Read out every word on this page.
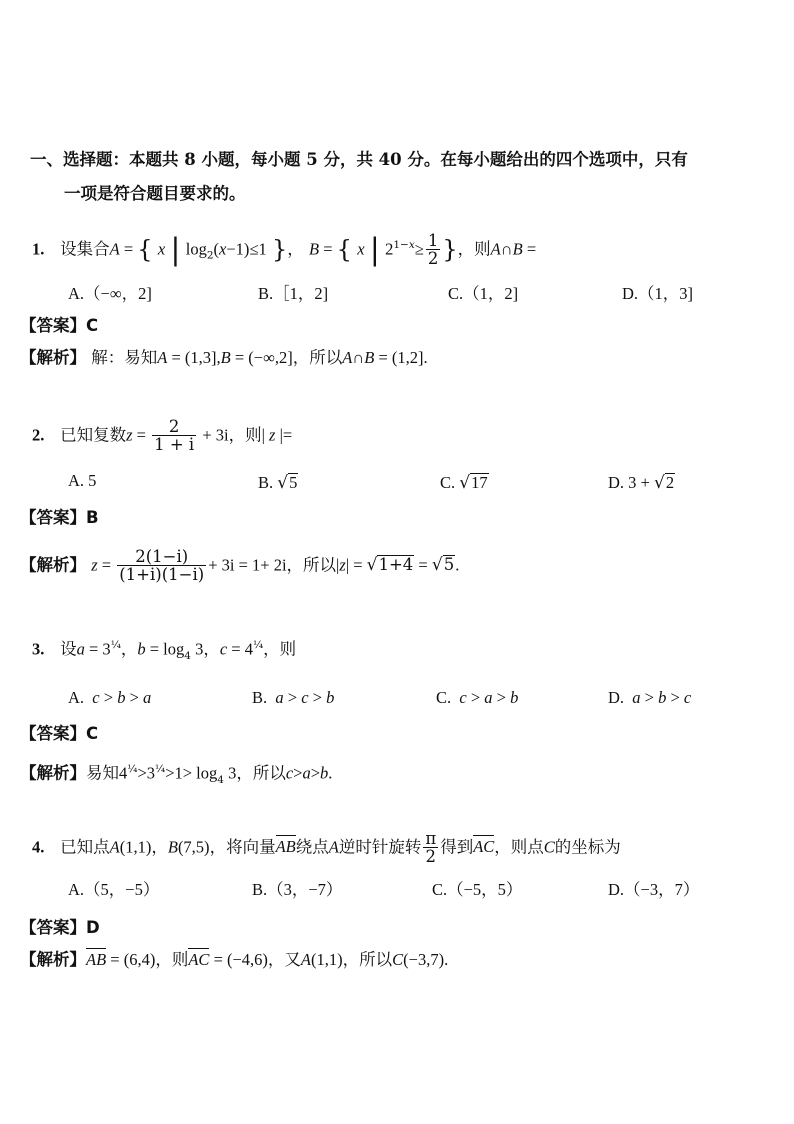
一、选择题：本题共 8 小题，每小题 5 分，共 40 分。在每小题给出的四个选项中，只有
一项是符合题目要求的。
1. 设集合A = { x | $\log_2(x-1)\le 1$ }， B = { x | $2^{1-x}\ge \frac{1}{2}$ }，则A∩B =
A.（−∞，2]	B.［1，2]	C.（1，2]	D.（1，3]
【答案】C
【解析】 解：易知A = (1,3],B = (−∞,2]，所以A∩B = (1,2].
2. 已知复数$z = \frac{2}{1 + i} + 3i$，则| z |=
A. 5	B. √ 5	C. √ 17	D. 3 + √ 2
【答案】B
【解析】 $z = \frac{2(1-i)}{(1+i)(1-i)} + 3i = 1+ 2i$，所以|z| = √ 1+4 = √ 5 .
3. 设$a = 3^{\frac{1}{4}}$，$b = \log_4 3$，$c = 4^{\frac{1}{4}}$，则
A. c > b > a	B. a > c > b	C. c > a > b	D. a > b > c
【答案】C
【解析】易知$4^{\frac{1}{4}}>3^{\frac{1}{4}}>1> \log_4 3$，所以c>a>b.
4. 已知点A(1,1)，B(7,5)，将向量AB绕点A逆时针旋转 $\frac{\pi}{2}$ 得到AC，则点C的坐标为
A.（5，−5）	B.（3，−7）	C.（−5，5）	D.（−3，7）
【答案】D
【解析】AB = (6,4)，则AC = (−4,6)，又A(1,1)，所以C(−3,7).
